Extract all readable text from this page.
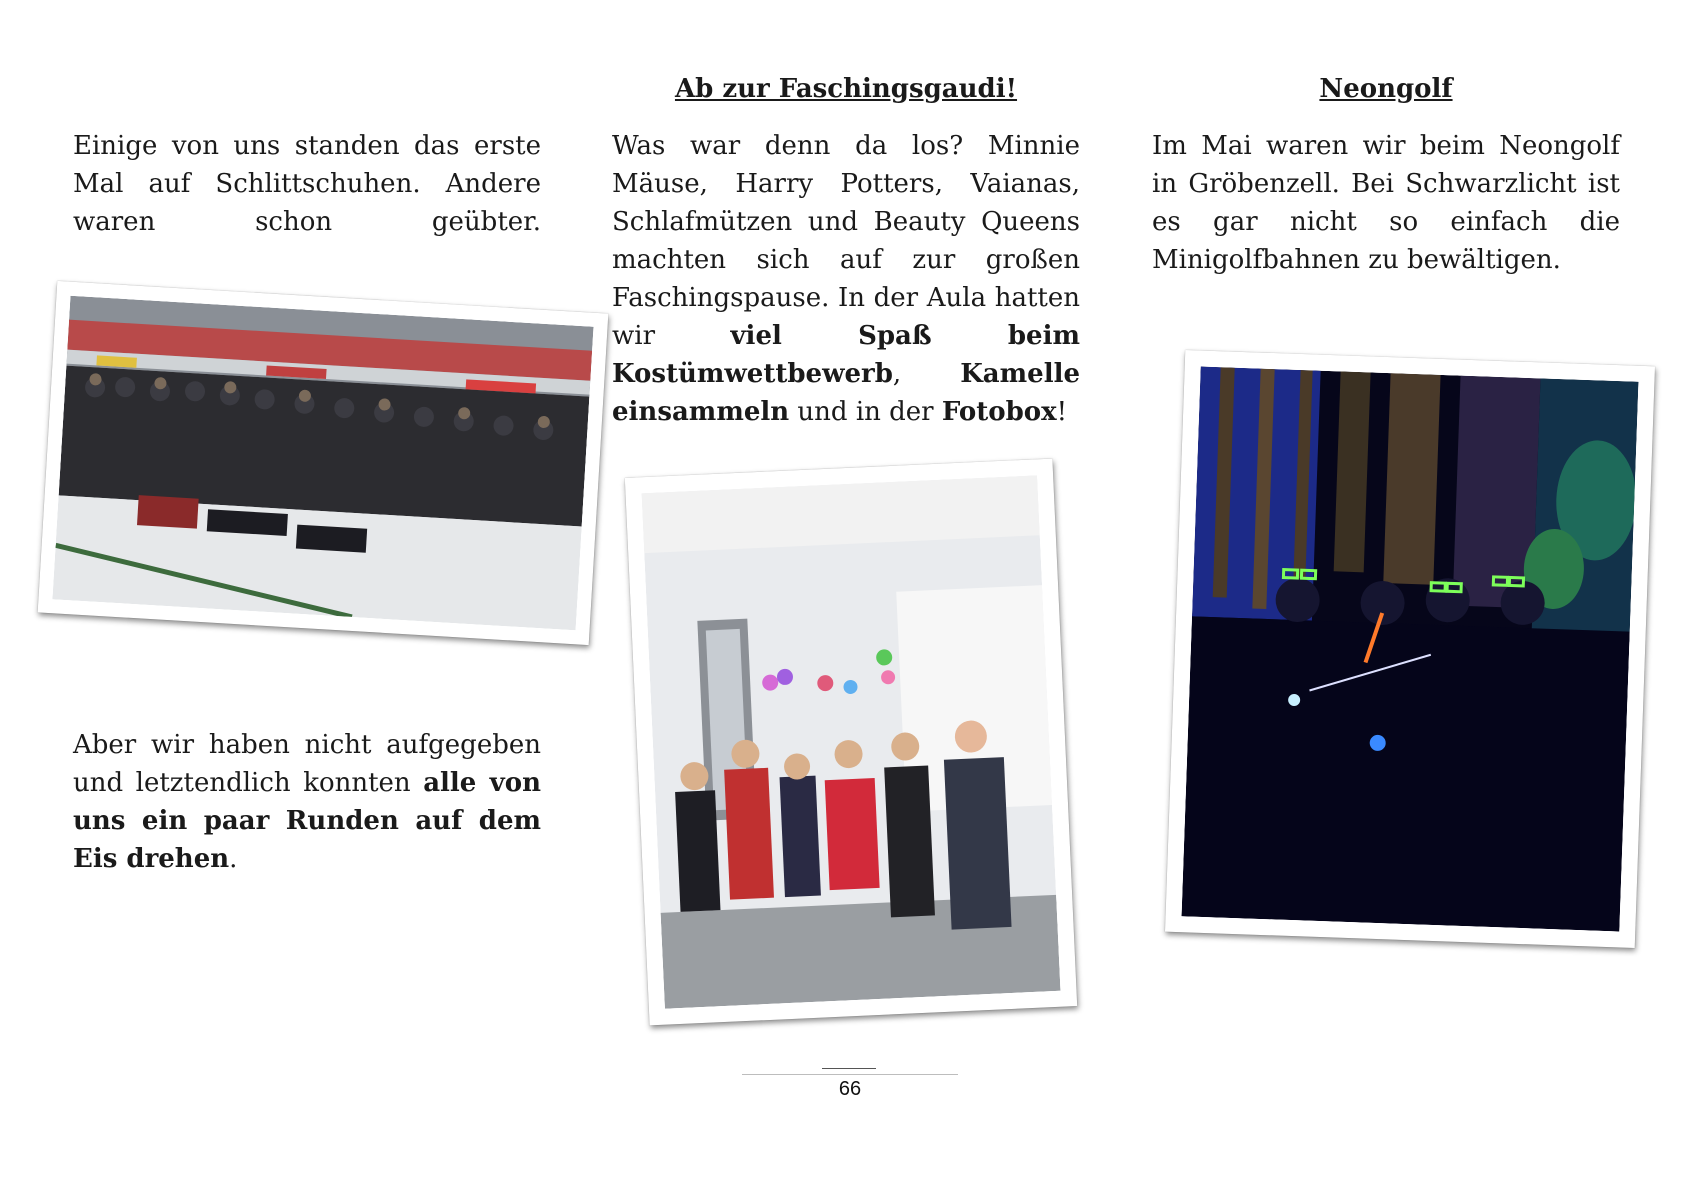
Einige von uns standen das erste Mal auf Schlittschuhen. Andere waren schon geübter.
Aber wir haben nicht aufgegeben und letztendlich konnten alle von uns ein paar Runden auf dem Eis drehen.
Ab zur Faschingsgaudi!
Was war denn da los? Minnie Mäuse, Harry Potters, Vaianas, Schlafmützen und Beauty Queens machten sich auf zur großen Faschingspause. In der Aula hatten wir viel Spaß beim Kostümwettbewerb, Kamelle einsammeln und in der Fotobox!
Neongolf
Im Mai waren wir beim Neongolf in Gröbenzell. Bei Schwarzlicht ist es gar nicht so einfach die Minigolfbahnen zu bewältigen.
66
